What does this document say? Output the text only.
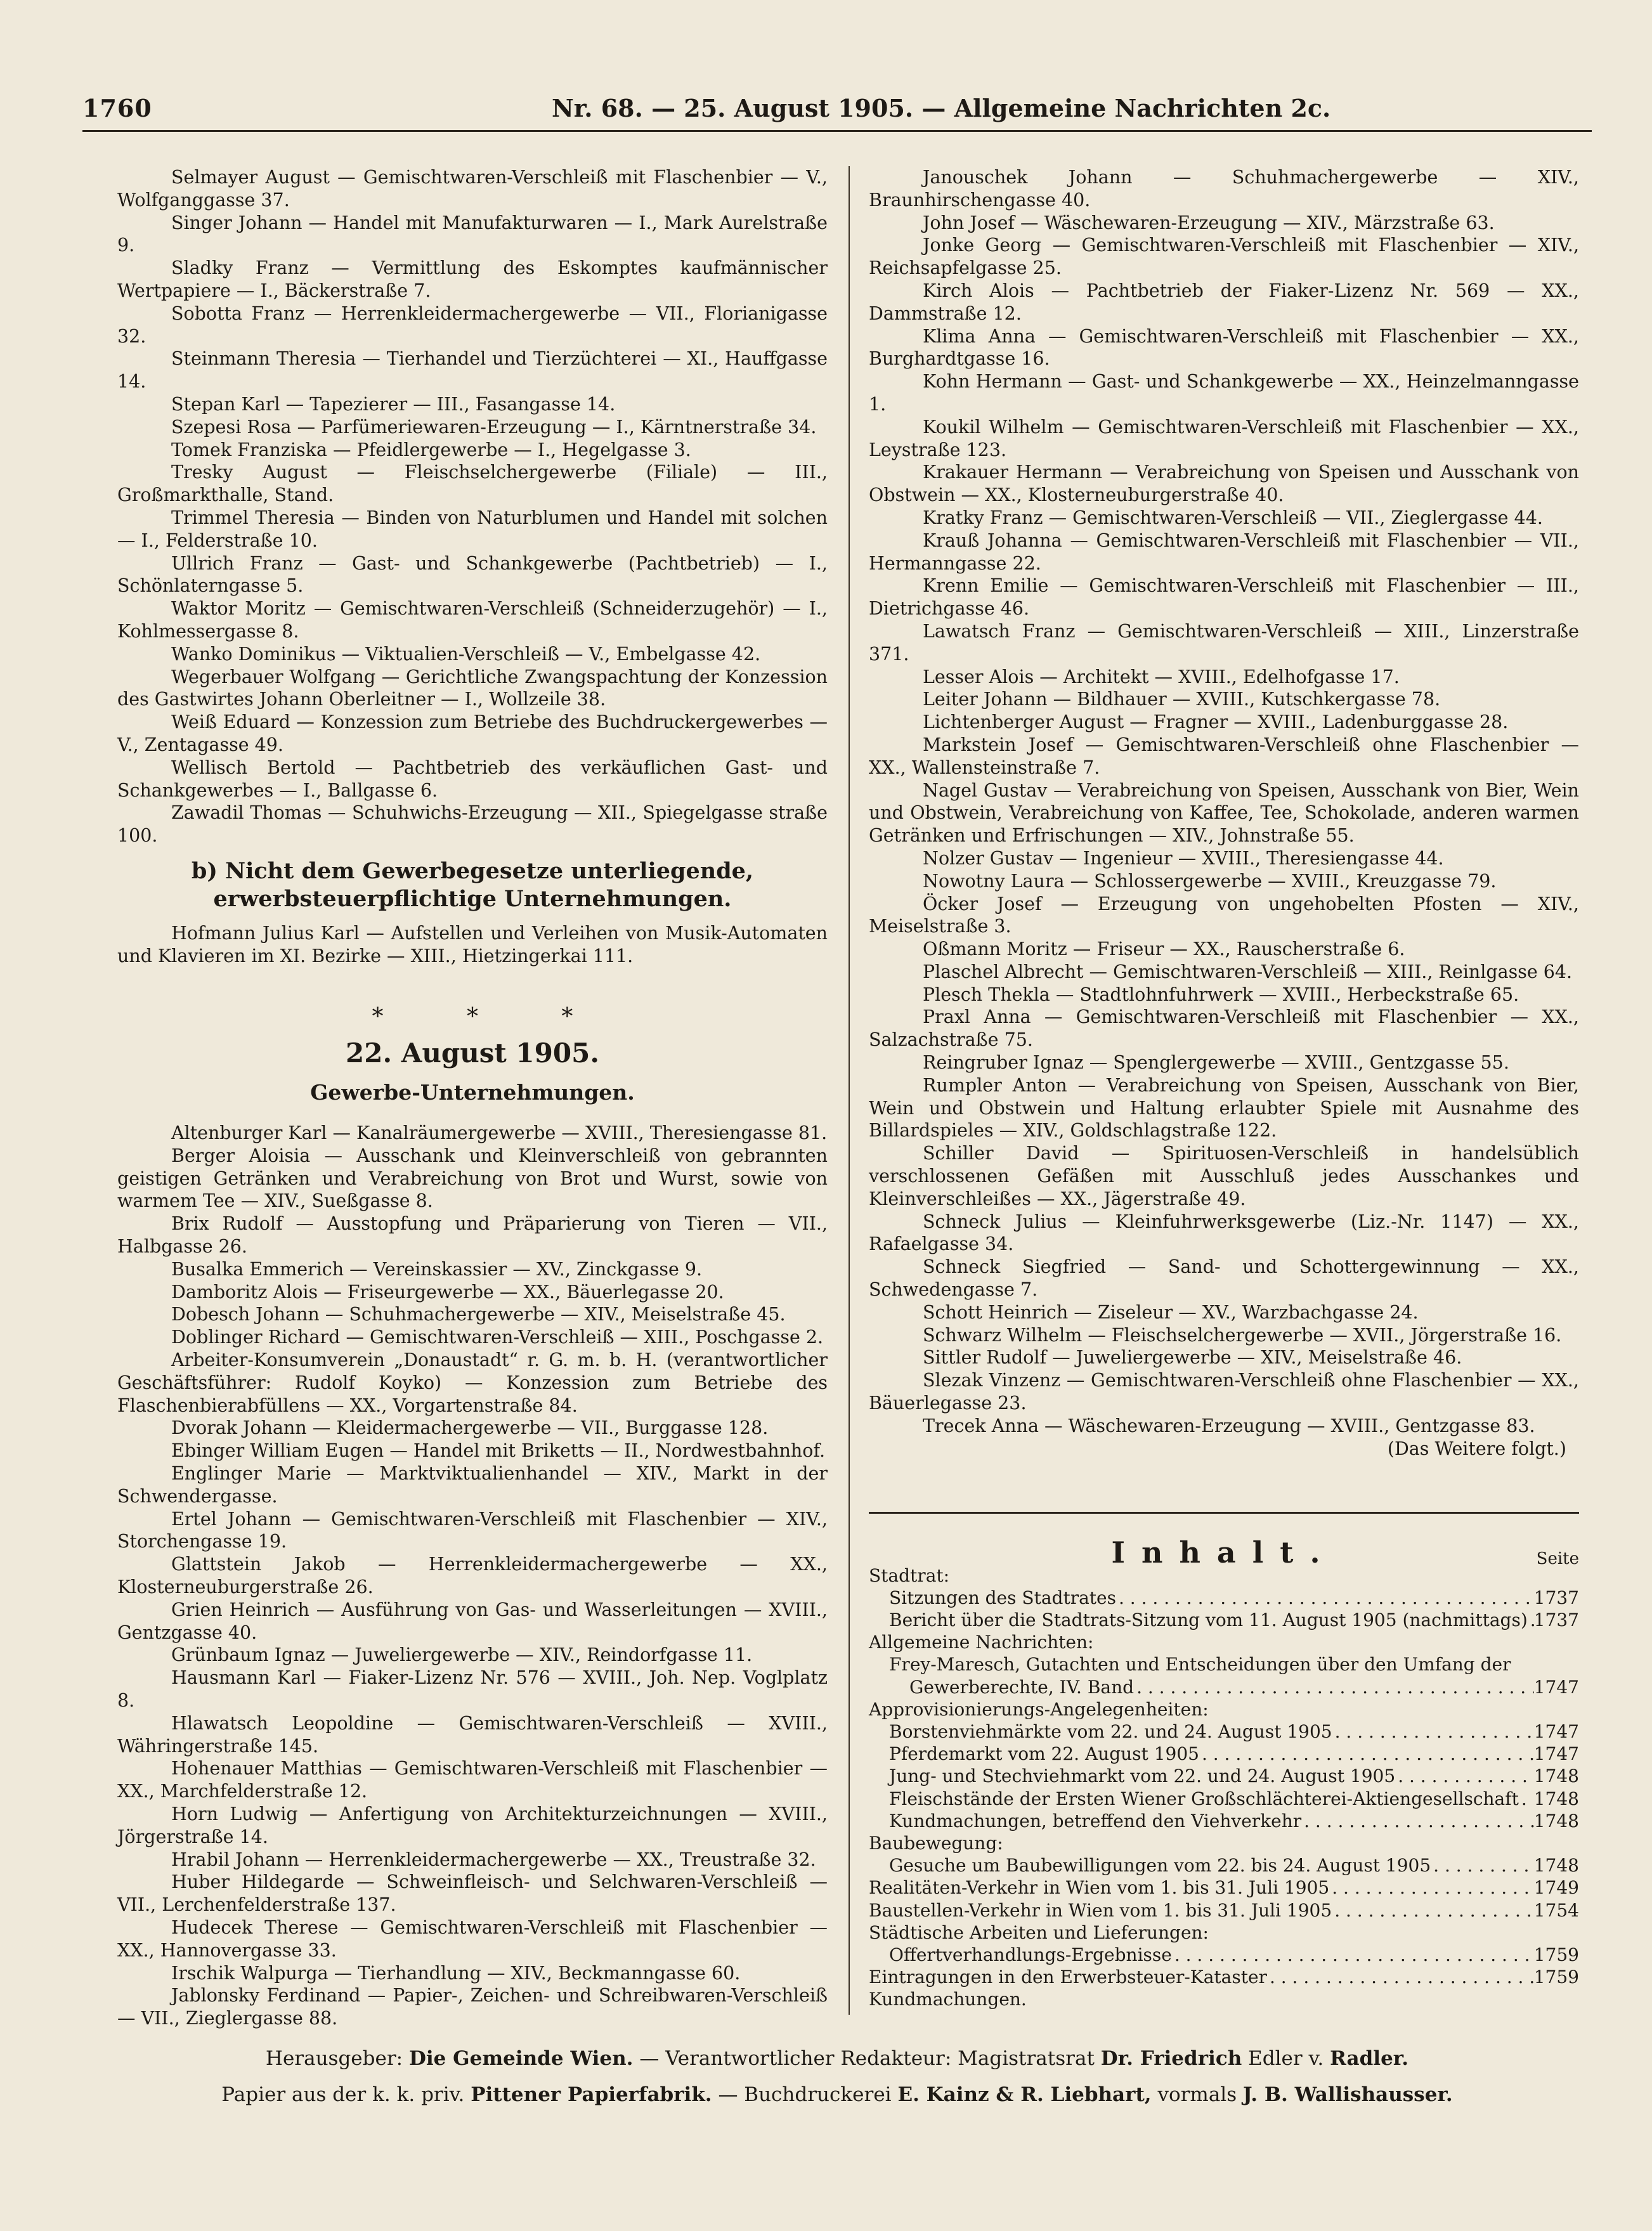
1760	Nr. 68. — 25. August 1905. — Allgemeine Nachrichten 2c.

Selmayer August — Gemischtwaren-Verschleiß mit Flaschenbier — V., Wolfganggasse 37.

Singer Johann — Handel mit Manufakturwaren — I., Mark Aurelstraße 9.

Sladky Franz — Vermittlung des Eskomptes kaufmännischer Wertpapiere — I., Bäckerstraße 7.

Sobotta Franz — Herrenkleidermachergewerbe — VII., Florianigasse 32.

Steinmann Theresia — Tierhandel und Tierzüchterei — XI., Hauffgasse 14.

Stepan Karl — Tapezierer — III., Fasangasse 14.

Szepesi Rosa — Parfümeriewaren-Erzeugung — I., Kärntnerstraße 34.

Tomek Franziska — Pfeidlergewerbe — I., Hegelgasse 3.

Tresky August — Fleischselchergewerbe (Filiale) — III., Großmarkthalle, Stand.

Trimmel Theresia — Binden von Naturblumen und Handel mit solchen — I., Felderstraße 10.

Ullrich Franz — Gast- und Schankgewerbe (Pachtbetrieb) — I., Schönlaterngasse 5.

Waktor Moritz — Gemischtwaren-Verschleiß (Schneiderzugehör) — I., Kohlmessergasse 8.

Wanko Dominikus — Viktualien-Verschleiß — V., Embelgasse 42.

Wegerbauer Wolfgang — Gerichtliche Zwangspachtung der Konzession des Gastwirtes Johann Oberleitner — I., Wollzeile 38.

Weiß Eduard — Konzession zum Betriebe des Buchdruckergewerbes — V., Zentagasse 49.

Wellisch Bertold — Pachtbetrieb des verkäuflichen Gast- und Schankgewerbes — I., Ballgasse 6.

Zawadil Thomas — Schuhwichs-Erzeugung — XII., Spiegelgasse straße 100.

b) Nicht dem Gewerbegesetze unterliegende, erwerbsteuerpflichtige Unternehmungen.

Hofmann Julius Karl — Aufstellen und Verleihen von Musik-Automaten und Klavieren im XI. Bezirke — XIII., Hietzingerkai 111.

* * *
22. August 1905.
Gewerbe-Unternehmungen.

Altenburger Karl — Kanalräumergewerbe — XVIII., Theresiengasse 81.

Berger Aloisia — Ausschank und Kleinverschleiß von gebrannten geistigen Getränken und Verabreichung von Brot und Wurst, sowie von warmem Tee — XIV., Sueßgasse 8.

Brix Rudolf — Ausstopfung und Präparierung von Tieren — VII., Halbgasse 26.

Busalka Emmerich — Vereinskassier — XV., Zinckgasse 9.

Damboritz Alois — Friseurgewerbe — XX., Bäuerlegasse 20.

Dobesch Johann — Schuhmachergewerbe — XIV., Meiselstraße 45.

Doblinger Richard — Gemischtwaren-Verschleiß — XIII., Poschgasse 2.

Arbeiter-Konsumverein „Donaustadt“ r. G. m. b. H. (verantwortlicher Geschäftsführer: Rudolf Koyko) — Konzession zum Betriebe des Flaschenbierabfüllens — XX., Vorgartenstraße 84.

Dvorak Johann — Kleidermachergewerbe — VII., Burggasse 128.

Ebinger William Eugen — Handel mit Briketts — II., Nordwestbahnhof.

Englinger Marie — Marktviktualienhandel — XIV., Markt in der Schwendergasse.

Ertel Johann — Gemischtwaren-Verschleiß mit Flaschenbier — XIV., Storchengasse 19.

Glattstein Jakob — Herrenkleidermachergewerbe — XX., Klosterneuburgerstraße 26.

Grien Heinrich — Ausführung von Gas- und Wasserleitungen — XVIII., Gentzgasse 40.

Grünbaum Ignaz — Juweliergewerbe — XIV., Reindorfgasse 11.

Hausmann Karl — Fiaker-Lizenz Nr. 576 — XVIII., Joh. Nep. Voglplatz 8.

Hlawatsch Leopoldine — Gemischtwaren-Verschleiß — XVIII., Währingerstraße 145.

Hohenauer Matthias — Gemischtwaren-Verschleiß mit Flaschenbier — XX., Marchfelderstraße 12.

Horn Ludwig — Anfertigung von Architekturzeichnungen — XVIII., Jörgerstraße 14.

Hrabil Johann — Herrenkleidermachergewerbe — XX., Treustraße 32.

Huber Hildegarde — Schweinfleisch- und Selchwaren-Verschleiß — VII., Lerchenfelderstraße 137.

Hudecek Therese — Gemischtwaren-Verschleiß mit Flaschenbier — XX., Hannovergasse 33.

Irschik Walpurga — Tierhandlung — XIV., Beckmanngasse 60.

Jablonsky Ferdinand — Papier-, Zeichen- und Schreibwaren-Verschleiß — VII., Zieglergasse 88.

Janouschek Johann — Schuhmachergewerbe — XIV., Braunhirschengasse 40.

John Josef — Wäschewaren-Erzeugung — XIV., Märzstraße 63.

Jonke Georg — Gemischtwaren-Verschleiß mit Flaschenbier — XIV., Reichsapfelgasse 25.

Kirch Alois — Pachtbetrieb der Fiaker-Lizenz Nr. 569 — XX., Dammstraße 12.

Klima Anna — Gemischtwaren-Verschleiß mit Flaschenbier — XX., Burghardtgasse 16.

Kohn Hermann — Gast- und Schankgewerbe — XX., Heinzelmanngasse 1.

Koukil Wilhelm — Gemischtwaren-Verschleiß mit Flaschenbier — XX., Leystraße 123.

Krakauer Hermann — Verabreichung von Speisen und Ausschank von Obstwein — XX., Klosterneuburgerstraße 40.

Kratky Franz — Gemischtwaren-Verschleiß — VII., Zieglergasse 44.

Krauß Johanna — Gemischtwaren-Verschleiß mit Flaschenbier — VII., Hermanngasse 22.

Krenn Emilie — Gemischtwaren-Verschleiß mit Flaschenbier — III., Dietrichgasse 46.

Lawatsch Franz — Gemischtwaren-Verschleiß — XIII., Linzerstraße 371.

Lesser Alois — Architekt — XVIII., Edelhofgasse 17.

Leiter Johann — Bildhauer — XVIII., Kutschkergasse 78.

Lichtenberger August — Fragner — XVIII., Ladenburggasse 28.

Markstein Josef — Gemischtwaren-Verschleiß ohne Flaschenbier — XX., Wallensteinstraße 7.

Nagel Gustav — Verabreichung von Speisen, Ausschank von Bier, Wein und Obstwein, Verabreichung von Kaffee, Tee, Schokolade, anderen warmen Getränken und Erfrischungen — XIV., Johnstraße 55.

Nolzer Gustav — Ingenieur — XVIII., Theresiengasse 44.

Nowotny Laura — Schlossergewerbe — XVIII., Kreuzgasse 79.

Öcker Josef — Erzeugung von ungehobelten Pfosten — XIV., Meiselstraße 3.

Oßmann Moritz — Friseur — XX., Rauscherstraße 6.

Plaschel Albrecht — Gemischtwaren-Verschleiß — XIII., Reinlgasse 64.

Plesch Thekla — Stadtlohnfuhrwerk — XVIII., Herbeckstraße 65.

Praxl Anna — Gemischtwaren-Verschleiß mit Flaschenbier — XX., Salzachstraße 75.

Reingruber Ignaz — Spenglergewerbe — XVIII., Gentzgasse 55.

Rumpler Anton — Verabreichung von Speisen, Ausschank von Bier, Wein und Obstwein und Haltung erlaubter Spiele mit Ausnahme des Billardspieles — XIV., Goldschlagstraße 122.

Schiller David — Spirituosen-Verschleiß in handelsüblich verschlossenen Gefäßen mit Ausschluß jedes Ausschankes und Kleinverschleißes — XX., Jägerstraße 49.

Schneck Julius — Kleinfuhrwerksgewerbe (Liz.-Nr. 1147) — XX., Rafaelgasse 34.

Schneck Siegfried — Sand- und Schottergewinnung — XX., Schwedengasse 7.

Schott Heinrich — Ziseleur — XV., Warzbachgasse 24.

Schwarz Wilhelm — Fleischselchergewerbe — XVII., Jörgerstraße 16.

Sittler Rudolf — Juweliergewerbe — XIV., Meiselstraße 46.

Slezak Vinzenz — Gemischtwaren-Verschleiß ohne Flaschenbier — XX., Bäuerlegasse 23.

Trecek Anna — Wäschewaren-Erzeugung — XVIII., Gentzgasse 83.

(Das Weitere folgt.)

Inhalt.	Seite

Stadtrat:

Sitzungen des Stadtrates . . .	1737

Bericht über die Stadtrats-Sitzung vom 11. August 1905 (nachmittags) . . . 1737

Allgemeine Nachrichten:

Frey-Maresch, Gutachten und Entscheidungen über den Umfang der

Gewerberechte, IV. Band . . .	1747

Approvisionierungs-Angelegenheiten:

Borstenviehmärkte vom 22. und 24. August 1905 . . .	1747

Pferdemarkt vom 22. August 1905 . . .	1747

Jung- und Stechviehmarkt vom 22. und 24. August 1905 . . .	1748

Fleischstände der Ersten Wiener Großschlächterei-Aktiengesellschaft . . . 1748

Kundmachungen, betreffend den Viehverkehr . . .	1748

Baubewegung:

Gesuche um Baubewilligungen vom 22. bis 24. August 1905 . . .	1748

Realitäten-Verkehr in Wien vom 1. bis 31. Juli 1905 . . .	1749

Baustellen-Verkehr in Wien vom 1. bis 31. Juli 1905 . . .	1754

Städtische Arbeiten und Lieferungen:

Offertverhandlungs-Ergebnisse . . .	1759

Eintragungen in den Erwerbsteuer-Kataster . . .	1759

Kundmachungen.

Herausgeber: Die Gemeinde Wien. — Verantwortlicher Redakteur: Magistratsrat Dr. Friedrich Edler v. Radler.
Papier aus der k. k. priv. Pittener Papierfabrik. — Buchdruckerei E. Kainz & R. Liebhart, vormals J. B. Wallishausser.
